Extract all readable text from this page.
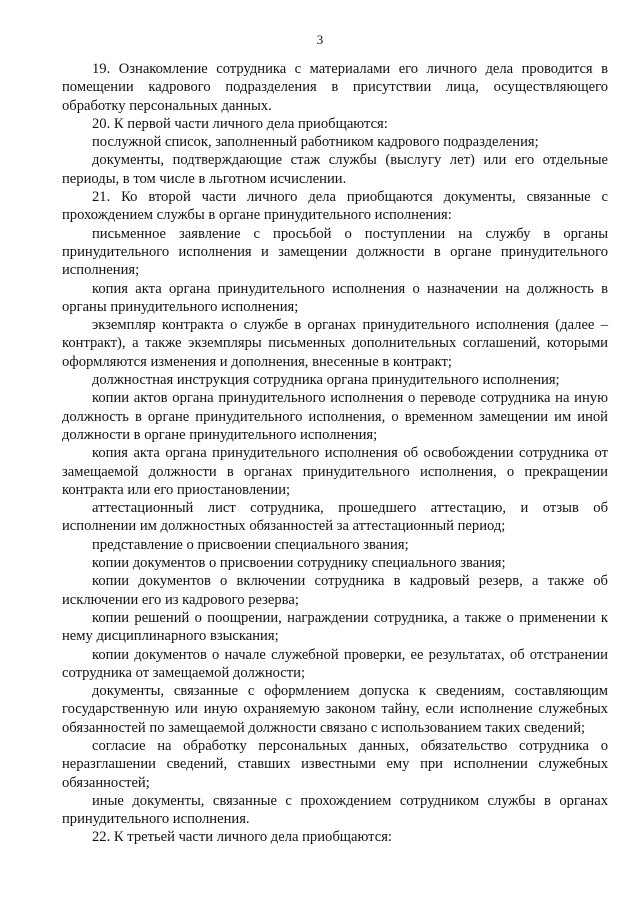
3

19. Ознакомление сотрудника с материалами его личного дела проводится в помещении кадрового подразделения в присутствии лица, осуществляющего обработку персональных данных.

20. К первой части личного дела приобщаются:

послужной список, заполненный работником кадрового подразделения;

документы, подтверждающие стаж службы (выслугу лет) или его отдельные периоды, в том числе в льготном исчислении.

21. Ко второй части личного дела приобщаются документы, связанные с прохождением службы в органе принудительного исполнения:

письменное заявление с просьбой о поступлении на службу в органы принудительного исполнения и замещении должности в органе принудительного исполнения;

копия акта органа принудительного исполнения о назначении на должность в органы принудительного исполнения;

экземпляр контракта о службе в органах принудительного исполнения (далее – контракт), а также экземпляры письменных дополнительных соглашений, которыми оформляются изменения и дополнения, внесенные в контракт;

должностная инструкция сотрудника органа принудительного исполнения;

копии актов органа принудительного исполнения о переводе сотрудника на иную должность в органе принудительного исполнения, о временном замещении им иной должности в органе принудительного исполнения;

копия акта органа принудительного исполнения об освобождении сотрудника от замещаемой должности в органах принудительного исполнения, о прекращении контракта или его приостановлении;

аттестационный лист сотрудника, прошедшего аттестацию, и отзыв об исполнении им должностных обязанностей за аттестационный период;

представление о присвоении специального звания;

копии документов о присвоении сотруднику специального звания;

копии документов о включении сотрудника в кадровый резерв, а также об исключении его из кадрового резерва;

копии решений о поощрении, награждении сотрудника, а также о применении к нему дисциплинарного взыскания;

копии документов о начале служебной проверки, ее результатах, об отстранении сотрудника от замещаемой должности;

документы, связанные с оформлением допуска к сведениям, составляющим государственную или иную охраняемую законом тайну, если исполнение служебных обязанностей по замещаемой должности связано с использованием таких сведений;

согласие на обработку персональных данных, обязательство сотрудника о неразглашении сведений, ставших известными ему при исполнении служебных обязанностей;

иные документы, связанные с прохождением сотрудником службы в органах принудительного исполнения.

22. К третьей части личного дела приобщаются:
